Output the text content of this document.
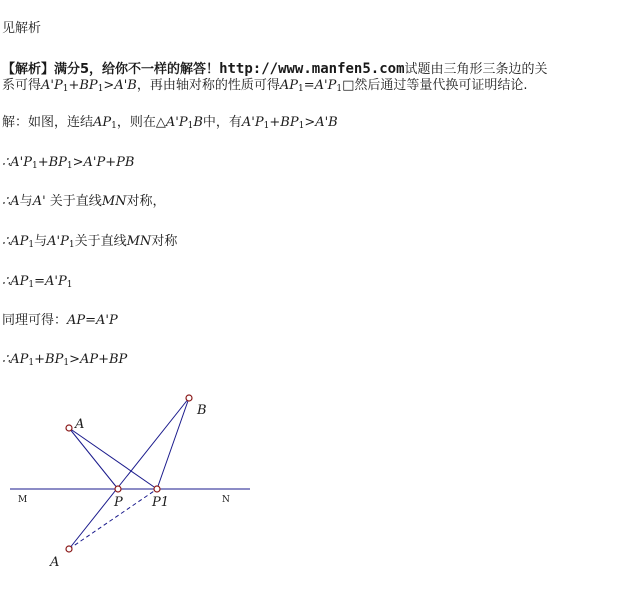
见解析
【解析】满分5，给你不一样的解答！http://www.manfen5.com试题由三角形三条边的关
系可得$A'P_1+BP_1>A'B$，再由轴对称的性质可得$AP_1=A'P_1□$然后通过等量代换可证明结论.
解：如图，连结$AP_1$，则在$\triangle A'P_1B$中，有$A'P_1+BP_1>A'B$
$\therefore A'P_1+BP_1>A'P+PB$
∴A与A' 关于直线MN对称，
$\therefore AP_1$与$A'P_1$关于直线MN对称
$\therefore AP_1=A'P_1$
同理可得：AP=A'P
$\therefore AP_1+BP_1>AP+BP$
A
B
P P1
A
M	N
